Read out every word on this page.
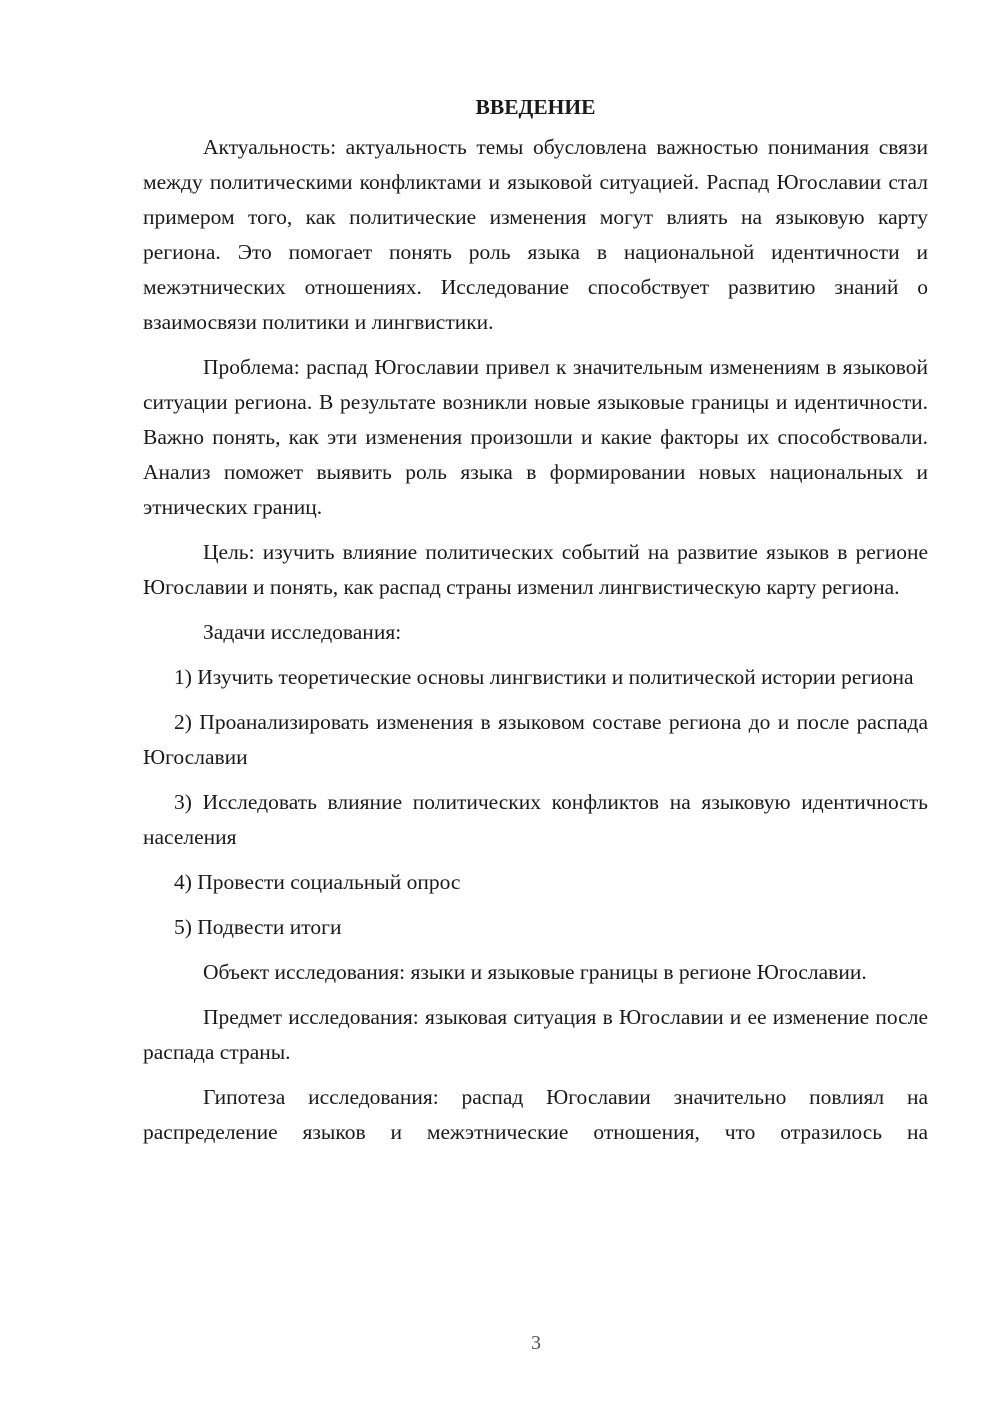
ВВЕДЕНИЕ

Актуальность: актуальность темы обусловлена важностью понимания связи между политическими конфликтами и языковой ситуацией. Распад Югославии стал примером того, как политические изменения могут влиять на языковую карту региона. Это помогает понять роль языка в национальной идентичности и межэтнических отношениях. Исследование способствует развитию знаний о взаимосвязи политики и лингвистики.

Проблема: распад Югославии привел к значительным изменениям в языковой ситуации региона. В результате возникли новые языковые границы и идентичности. Важно понять, как эти изменения произошли и какие факторы их способствовали. Анализ поможет выявить роль языка в формировании новых национальных и этнических границ.

Цель: изучить влияние политических событий на развитие языков в регионе Югославии и понять, как распад страны изменил лингвистическую карту региона.

Задачи исследования:

1) Изучить теоретические основы лингвистики и политической истории региона

2) Проанализировать изменения в языковом составе региона до и после распада Югославии

3) Исследовать влияние политических конфликтов на языковую идентичность населения

4) Провести социальный опрос

5) Подвести итоги

Объект исследования: языки и языковые границы в регионе Югославии.

Предмет исследования: языковая ситуация в Югославии и ее изменение после распада страны.

Гипотеза исследования: распад Югославии значительно повлиял на распределение языков и межэтнические отношения, что отразилось на

3
